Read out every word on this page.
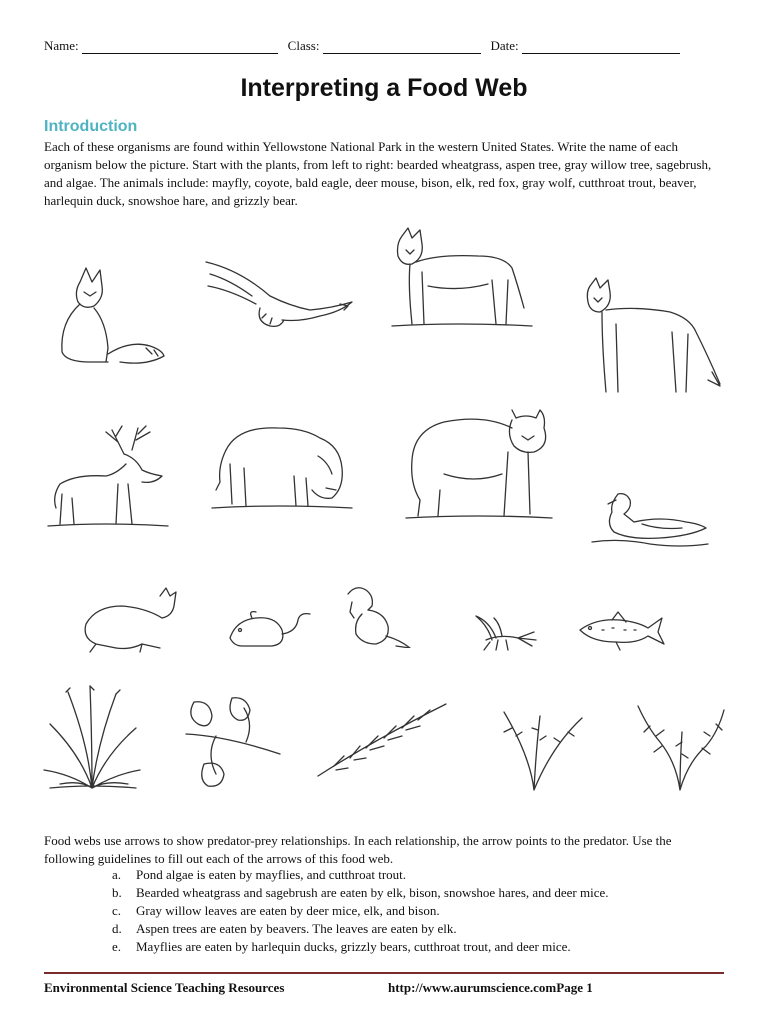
Name:	Class:	Date:
Interpreting a Food Web
Introduction
Each of these organisms are found within Yellowstone National Park in the western United States. Write the name of each organism below the picture. Start with the plants, from left to right: bearded wheatgrass, aspen tree, gray willow tree, sagebrush, and algae. The animals include: mayfly, coyote, bald eagle, deer mouse, bison, elk, red fox, gray wolf, cutthroat trout, beaver, harlequin duck, snowshoe hare, and grizzly bear.
Food webs use arrows to show predator-prey relationships. In each relationship, the arrow points to the predator. Use the following guidelines to fill out each of the arrows of this food web.
a.	Pond algae is eaten by mayflies, and cutthroat trout.
b.	Bearded wheatgrass and sagebrush are eaten by elk, bison, snowshoe hares, and deer mice.
c.	Gray willow leaves are eaten by deer mice, elk, and bison.
d.	Aspen trees are eaten by beavers. The leaves are eaten by elk.
e.	Mayflies are eaten by harlequin ducks, grizzly bears, cutthroat trout, and deer mice.
Environmental Science Teaching Resources	http://www.aurumscience.comPage 1
